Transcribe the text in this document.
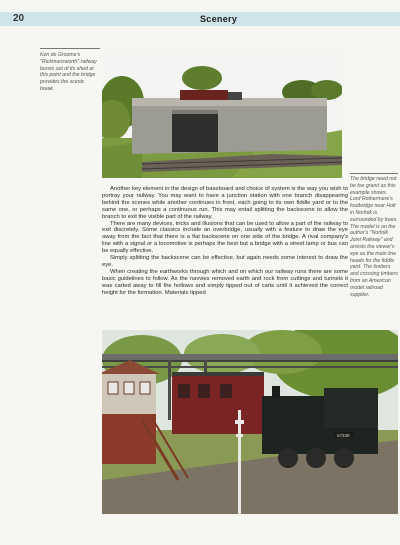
20	Scenery
Ken de Groome's "Rickmansworth" railway bursts out of its shed at this point and the bridge provides the scenic break.
The bridge need not be too grand as this example shows. Lord Rothermere's footbridge near Holt in Norfolk is surrounded by trees. The model is on the author's "Norfolk Joint Railway" and arrests the viewer's eye as the main line heads for the fiddle yard. The timbers and crossing timbers from an American model railroad supplier.

Another key element in the design of baseboard and choice of system is the way you wish to portray your railway. You may want to have a junction station with one branch disappearing behind the scenes while another continues in front, each going to its own fiddle yard or to the same one, or perhaps a continuous run. This may entail splitting the backscene to allow the branch to exit the visible part of the railway.

There are many devices, tricks and illusions that can be used to allow a part of the railway to exit discretely. Some classics include an overbridge, usually with a feature to draw the eye away from the fact that there is a flat backscene on one side of the bridge. A rival company's line with a signal or a locomotive is perhaps the best but a bridge with a street lamp or bus can be equally effective.

Simply splitting the backscene can be effective, but again needs some interest to draw the eye.

When creating the earthworks through which and on which our railway runs there are some basic guidelines to follow. As the navvies removed earth and rock from cuttings and tunnels it was carted away to fill the hollows and simply tipped out of carts until it achieved the correct height for the formation. Materials tipped

67339
